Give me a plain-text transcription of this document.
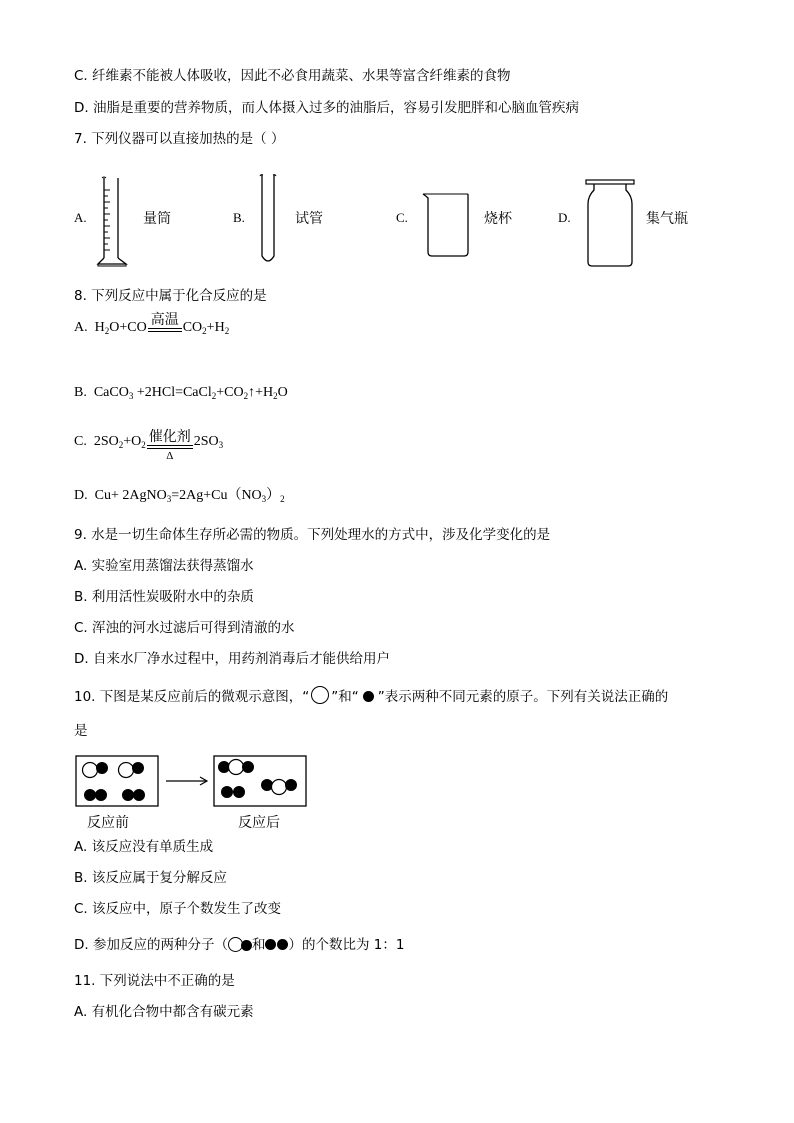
C. 纤维素不能被人体吸收，因此不必食用蔬菜、水果等富含纤维素的食物
D. 油脂是重要的营养物质，而人体摄入过多的油脂后，容易引发肥胖和心脑血管疾病
7. 下列仪器可以直接加热的是（ ）
A.	量筒	B.	试管	C.	烧杯	D.	集气瓶
8. 下列反应中属于化合反应的是
A.  $H_2O+CO$ 高温 $CO_2+H_2$
B.  CaCO$_3$ $+2HCl=CaCl_2+CO_2↑+H_2O$
C.  $2SO_2+O_2$
催化剂
Δ
$2SO_3$
D.  $Cu+ 2AgNO_3=2Ag+Cu(NO_3)_2$
9. 水是一切生命体生存所必需的物质。下列处理水的方式中，涉及化学变化的是
A. 实验室用蒸馏法获得蒸馏水
B. 利用活性炭吸附水中的杂质
C. 浑浊的河水过滤后可得到清澈的水
D. 自来水厂净水过程中，用药剂消毒后才能供给用户
10. 下图是某反应前后的微观示意图，“ ”和“ ”表示两种不同元素的原子。下列有关说法正确的
是
反应前	反应后
A. 该反应没有单质生成
B. 该反应属于复分解反应
C. 该反应中，原子个数发生了改变
D. 参加反应的两种分子（ 和 ）的个数比为 1：1
11. 下列说法中不正确的是
A. 有机化合物中都含有碳元素
